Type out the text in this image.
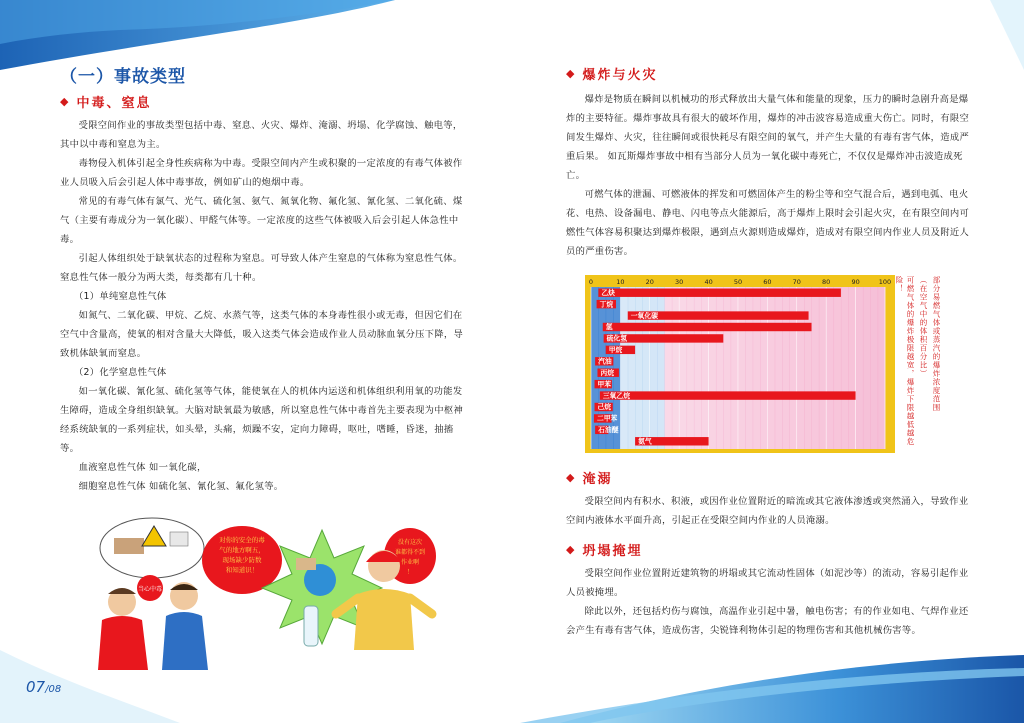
（一）事故类型
◆ 中毒、窒息
受限空间作业的事故类型包括中毒、窒息、火灾、爆炸、淹溺、坍塌、化学腐蚀、触电等，其中以中毒和窒息为主。
毒物侵入机体引起全身性疾病称为中毒。受限空间内产生或积聚的一定浓度的有毒气体被作业人员吸入后会引起人体中毒事故，例如矿山的炮烟中毒。
常见的有毒气体有氯气、光气、硫化氢、氨气、氮氧化物、氟化氢、氰化氢、二氧化硫、煤气（主要有毒成分为一氧化碳）、甲醛气体等。一定浓度的这些气体被吸入后会引起人体急性中毒。
引起人体组织处于缺氧状态的过程称为窒息。可导致人体产生窒息的气体称为窒息性气体。窒息性气体一般分为两大类，每类都有几十种。
（1）单纯窒息性气体
如氮气、二氧化碳、甲烷、乙烷、水蒸气等，这类气体的本身毒性很小或无毒，但因它们在空气中含量高，使氧的相对含量大大降低，吸入这类气体会造成作业人员动脉血氧分压下降，导致机体缺氧而窒息。
（2）化学窒息性气体
如一氧化碳、氰化氢、硫化氢等气体，能使氧在人的机体内运送和机体组织利用氧的功能发生障碍，造成全身组织缺氧。大脑对缺氧最为敏感，所以窒息性气体中毒首先主要表现为中枢神经系统缺氧的一系列症状，如头晕，头痛，烦躁不安，定向力障碍，呕吐，嗜睡，昏迷，抽搐等。
血液窒息性气体 如一氧化碳，
细胞窒息性气体 如硫化氢、氰化氢、氟化氢等。
对你的安全的毒
气的地方啊五，
现场缺少防数
和知道识！
当心中毒
没有这次
谁都得不到
作业啊
！
◆ 爆炸与火灾
爆炸是物质在瞬间以机械功的形式释放出大量气体和能量的现象，压力的瞬时急剧升高是爆炸的主要特征。爆炸事故具有很大的破坏作用，爆炸的冲击波容易造成重大伤亡。同时，有限空间发生爆炸、火灾，往往瞬间或很快耗尽有限空间的氧气，并产生大量的有毒有害气体，造成严重后果。 如瓦斯爆炸事故中相有当部分人员为一氧化碳中毒死亡，不仅仅是爆炸冲击波造成死亡。
可燃气体的泄漏、可燃液体的挥发和可燃固体产生的粉尘等和空气混合后，遇到电弧、电火花、电热、设备漏电、静电、闪电等点火能源后，高于爆炸上限时会引起火灾，在有限空间内可燃性气体容易积聚达到爆炸极限，遇到点火源则造成爆炸，造成对有限空间内作业人员及附近人员的严重伤害。
0	10	20	30	40	50	60	70	80	90	100
乙炔
丁烷
一氧化碳
氢
硫化氢
甲烷
汽油
丙烷
甲苯
三氧乙烷
己烷
二甲苯
石油醚
氨气
部分易燃气体或蒸汽的爆炸浓度范围
（在空气中的体积百分比）
可燃气体的爆炸极限越宽，爆炸下限越低越危险！
◆ 淹溺
受限空间内有积水、积液，或因作业位置附近的暗流或其它液体渗透或突然涌入，导致作业空间内液体水平面升高，引起正在受限空间内作业的人员淹溺。
◆ 坍塌掩埋
受限空间作业位置附近建筑物的坍塌或其它流动性固体（如泥沙等）的流动，容易引起作业人员被掩埋。
除此以外，还包括灼伤与腐蚀，高温作业引起中暑，触电伤害；有的作业如电、气焊作业还会产生有毒有害气体，造成伤害，尖锐锋利物体引起的物理伤害和其他机械伤害等。
07/08
